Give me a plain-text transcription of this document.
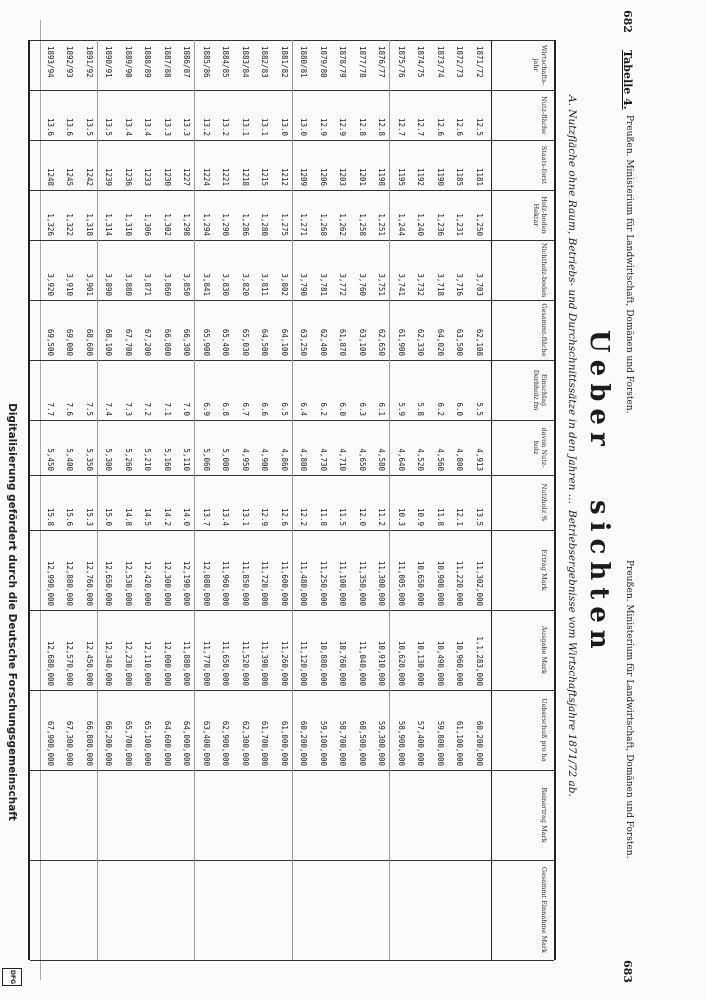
Digitalisierung gefördert durch die Deutsche Forschungsgemeinschaft
DFG
682
Tabelle 4.
Preußen. Ministerium für Landwirtschaft, Domänen und Forsten.
Preußen. Ministerium für Landwirtschaft, Domänen und Forsten.
683
Ueber
sichten
A. Nutzfläche ohne Raum, Betriebs- und Durchschnittssätze in den Jahren ...
Betriebsergebnisse vom Wirtschaftsjahre 1871/72 ab.
Wirtschafts-jahr
Nutz-fläche
Staats-forst
Holz-boden Hektar
Nichtholz-boden
Gesammt-fläche
Einschlag Derbholz fm
davon Nutz-holz
Nutzholz %
Ertrag Mark
Ausgabe Mark
Ueberschuß pro ha
Reinertrag Mark
Gesammt Einnahme Mark
1871/72
12.5
1181
1,250
3,703
62,108
5.5
4,913
13.5
11,302,000
1,1,283,000
60,200,000
1872/73
12.6
1185
1,231
3,716
63,500
6.0
4,800
12.1
11,220,000
10,960,000
61,100,000
1873/74
12.6
1190
1,236
3,718
64,020
6.2
4,560
11.8
10,900,000
10,490,000
59,800,000
1874/75
12.7
1192
1,240
3,732
62,330
5.8
4,520
10.9
10,650,000
10,130,000
57,400,000
1875/76
12.7
1195
1,244
3,741
61,900
5.9
4,640
10.3
11,005,000
10,620,000
58,900,000
1876/77
12.8
1198
1,251
3,751
62,650
6.1
4,580
11.2
11,300,000
10,910,000
59,300,000
1877/78
12.8
1201
1,258
3,760
63,100
6.3
4,650
12.0
11,350,000
11,040,000
60,500,000
1878/79
12.9
1203
1,262
3,772
61,870
6.0
4,710
11.5
11,100,000
10,760,000
58,700,000
1879/80
12.9
1206
1,268
3,781
62,400
6.2
4,730
11.8
11,250,000
10,880,000
59,100,000
1880/81
13.0
1209
1,271
3,790
63,250
6.4
4,800
12.2
11,480,000
11,120,000
60,200,000
1881/82
13.0
1212
1,275
3,802
64,100
6.5
4,860
12.6
11,600,000
11,260,000
61,000,000
1882/83
13.1
1215
1,280
3,811
64,500
6.6
4,900
12.9
11,720,000
11,390,000
61,700,000
1883/84
13.1
1218
1,286
3,820
65,030
6.7
4,950
13.1
11,850,000
11,520,000
62,300,000
1884/85
13.2
1221
1,290
3,830
65,400
6.8
5,000
13.4
11,960,000
11,650,000
62,900,000
1885/86
13.2
1224
1,294
3,841
65,900
6.9
5,060
13.7
12,080,000
11,770,000
63,400,000
1886/87
13.3
1227
1,298
3,850
66,300
7.0
5,110
14.0
12,190,000
11,880,000
64,000,000
1887/88
13.3
1230
1,302
3,860
66,800
7.1
5,160
14.2
12,300,000
12,000,000
64,600,000
1888/89
13.4
1233
1,306
3,871
67,200
7.2
5,210
14.5
12,420,000
12,110,000
65,100,000
1889/90
13.4
1236
1,310
3,880
67,700
7.3
5,260
14.8
12,530,000
12,230,000
65,700,000
1890/91
13.5
1239
1,314
3,890
68,100
7.4
5,300
15.0
12,650,000
12,340,000
66,200,000
1891/92
13.5
1242
1,318
3,901
68,600
7.5
5,350
15.3
12,760,000
12,450,000
66,800,000
1892/93
13.6
1245
1,322
3,910
69,000
7.6
5,400
15.6
12,880,000
12,570,000
67,300,000
1893/94
13.6
1248
1,326
3,920
69,500
7.7
5,450
15.8
12,990,000
12,680,000
67,900,000
